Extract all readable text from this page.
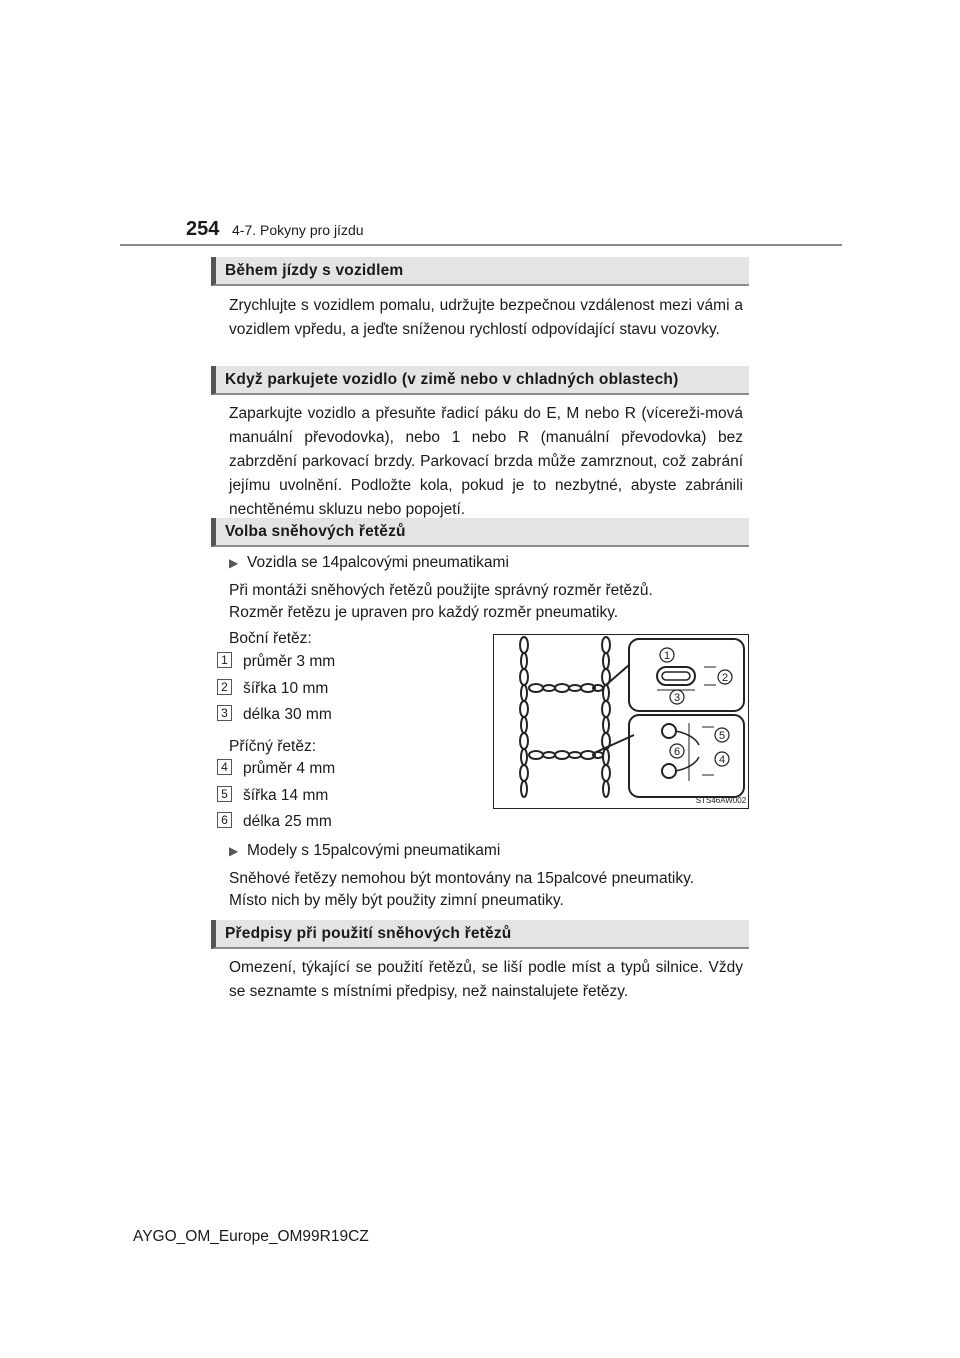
254 4-7. Pokyny pro jízdu
Během jízdy s vozidlem
Zrychlujte s vozidlem pomalu, udržujte bezpečnou vzdálenost mezi vámi a vozidlem vpředu, a jeďte sníženou rychlostí odpovídající stavu vozovky.
Když parkujete vozidlo (v zimě nebo v chladných oblastech)
Zaparkujte vozidlo a přesuňte řadicí páku do E, M nebo R (vícereži-mová manuální převodovka), nebo 1 nebo R (manuální převodovka) bez zabrzdění parkovací brzdy. Parkovací brzda může zamrznout, což zabrání jejímu uvolnění. Podložte kola, pokud je to nezbytné, abyste zabránili nechtěnému skluzu nebo popojetí.
Volba sněhových řetězů
▶ Vozidla se 14palcovými pneumatikami
Při montáži sněhových řetězů použijte správný rozměr řetězů.
Rozměr řetězu je upraven pro každý rozměr pneumatiky.
Boční řetěz:
1 průměr 3 mm
2 šířka 10 mm
3 délka 30 mm
Příčný řetěz:
4 průměr 4 mm
5 šířka 14 mm
6 délka 25 mm
1
2
3
4
5
6
STS46AW002
▶ Modely s 15palcovými pneumatikami
Sněhové řetězy nemohou být montovány na 15palcové pneumatiky.
Místo nich by měly být použity zimní pneumatiky.
Předpisy při použití sněhových řetězů
Omezení, týkající se použití řetězů, se liší podle míst a typů silnice. Vždy se seznamte s místními předpisy, než nainstalujete řetězy.
AYGO_OM_Europe_OM99R19CZ
